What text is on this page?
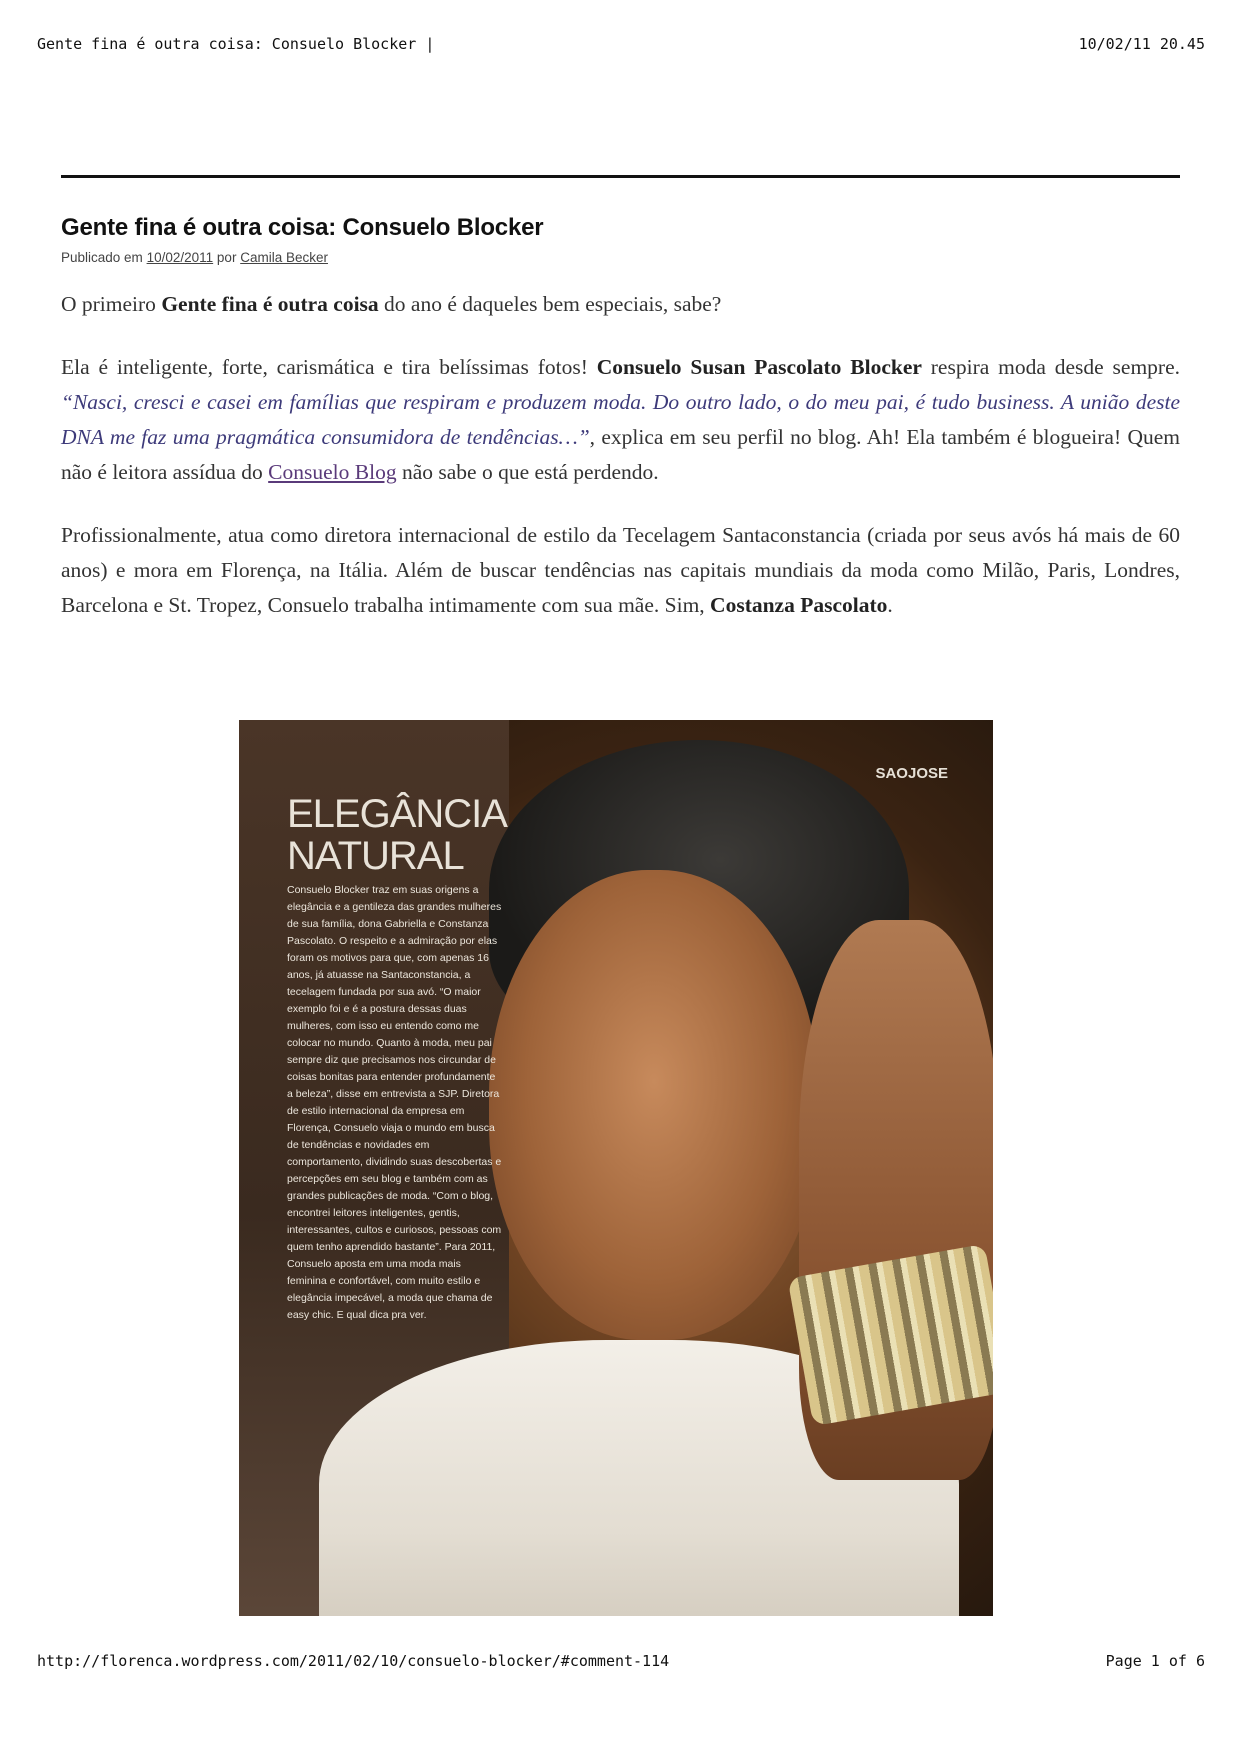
Gente fina é outra coisa: Consuelo Blocker |	10/02/11 20.45
Gente fina é outra coisa: Consuelo Blocker
Publicado em 10/02/2011 por Camila Becker

O primeiro Gente fina é outra coisa do ano é daqueles bem especiais, sabe?

Ela é inteligente, forte, carismática e tira belíssimas fotos! Consuelo Susan Pascolato Blocker respira moda desde sempre. “Nasci, cresci e casei em famílias que respiram e produzem moda. Do outro lado, o do meu pai, é tudo business. A união deste DNA me faz uma pragmática consumidora de tendências…”, explica em seu perfil no blog. Ah! Ela também é blogueira! Quem não é leitora assídua do Consuelo Blog não sabe o que está perdendo.

Profissionalmente, atua como diretora internacional de estilo da Tecelagem Santaconstancia (criada por seus avós há mais de 60 anos) e mora em Florença, na Itália. Além de buscar tendências nas capitais mundiais da moda como Milão, Paris, Londres, Barcelona e St. Tropez, Consuelo trabalha intimamente com sua mãe. Sim, Costanza Pascolato.

SAOJOSE
ELEGÂNCIA
NATURAL
Consuelo Blocker traz em suas origens a elegância e a gentileza das grandes mulheres de sua família, dona Gabriella e Constanza Pascolato. O respeito e a admiração por elas foram os motivos para que, com apenas 16 anos, já atuasse na Santaconstancia, a tecelagem fundada por sua avó. “O maior exemplo foi e é a postura dessas duas mulheres, com isso eu entendo como me colocar no mundo. Quanto à moda, meu pai sempre diz que precisamos nos circundar de coisas bonitas para entender profundamente a beleza”, disse em entrevista a SJP. Diretora de estilo internacional da empresa em Florença, Consuelo viaja o mundo em busca de tendências e novidades em comportamento, dividindo suas descobertas e percepções em seu blog e também com as grandes publicações de moda. “Com o blog, encontrei leitores inteligentes, gentis, interessantes, cultos e curiosos, pessoas com quem tenho aprendido bastante”. Para 2011, Consuelo aposta em uma moda mais feminina e confortável, com muito estilo e elegância impecável, a moda que chama de easy chic. E qual dica pra ver.
http://florenca.wordpress.com/2011/02/10/consuelo-blocker/#comment-114	Page 1 of 6
